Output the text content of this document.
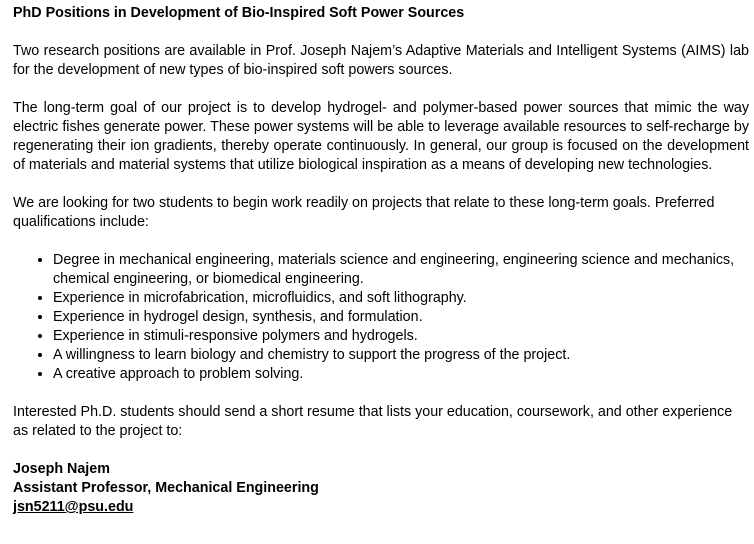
PhD Positions in Development of Bio-Inspired Soft Power Sources

Two research positions are available in Prof. Joseph Najem’s Adaptive Materials and Intelligent Systems (AIMS) lab for the development of new types of bio-inspired soft powers sources.

The long-term goal of our project is to develop hydrogel- and polymer-based power sources that mimic the way electric fishes generate power. These power systems will be able to leverage available resources to self-recharge by regenerating their ion gradients, thereby operate continuously. In general, our group is focused on the development of materials and material systems that utilize biological inspiration as a means of developing new technologies.

We are looking for two students to begin work readily on projects that relate to these long-term goals. Preferred qualifications include:

• Degree in mechanical engineering, materials science and engineering, engineering science and mechanics, chemical engineering, or biomedical engineering.
• Experience in microfabrication, microfluidics, and soft lithography.
• Experience in hydrogel design, synthesis, and formulation.
• Experience in stimuli-responsive polymers and hydrogels.
• A willingness to learn biology and chemistry to support the progress of the project.
• A creative approach to problem solving.

Interested Ph.D. students should send a short resume that lists your education, coursework, and other experience as related to the project to:

Joseph Najem
Assistant Professor, Mechanical Engineering
jsn5211@psu.edu
